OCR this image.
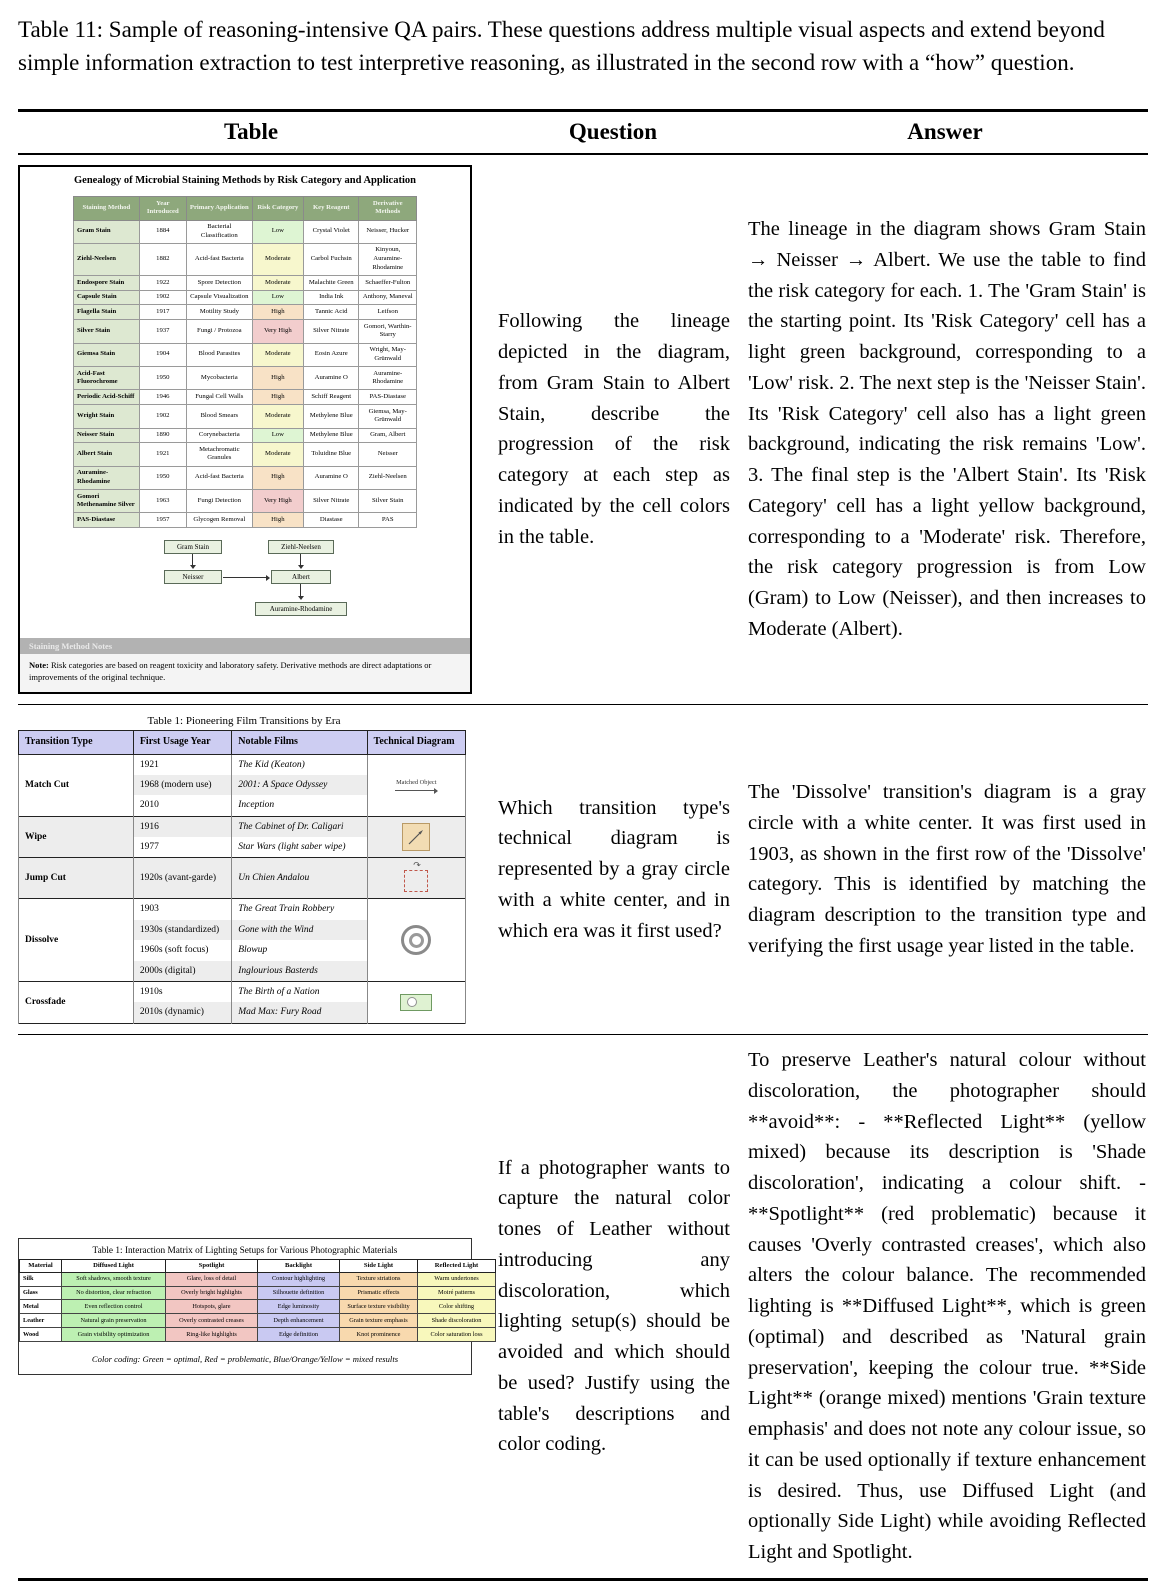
Table 11: Sample of reasoning-intensive QA pairs. These questions address multiple visual aspects and extend beyond simple information extraction to test interpretive reasoning, as illustrated in the second row with a “how” question.

Table	Question	Answer
Genealogy of Microbial Staining Methods by Risk Category and Application
Staining Method	Year Introduced	Primary Application	Risk Category	Key Reagent	Derivative Methods
Gram Stain	1884	Bacterial Classification	Low	Crystal Violet	Neisser, Hucker
Ziehl-Neelsen	1882	Acid-fast Bacteria	Moderate	Carbol Fuchsin	Kinyoun, Auramine-Rhodamine
Endospore Stain	1922	Spore Detection	Moderate	Malachite Green	Schaeffer-Fulton
Capsule Stain	1902	Capsule Visualization	Low	India Ink	Anthony, Maneval
Flagella Stain	1917	Motility Study	High	Tannic Acid	Leifson
Silver Stain	1937	Fungi / Protozoa	Very High	Silver Nitrate	Gomori, Warthin-Starry
Giemsa Stain	1904	Blood Parasites	Moderate	Eosin Azure	Wright, May-Grünwald
Acid-Fast Fluorochrome	1950	Mycobacteria	High	Auramine O	Auramine-Rhodamine
Periodic Acid-Schiff	1946	Fungal Cell Walls	High	Schiff Reagent	PAS-Diastase
Wright Stain	1902	Blood Smears	Moderate	Methylene Blue	Giemsa, May-Grünwald
Neisser Stain	1890	Corynebacteria	Low	Methylene Blue	Gram, Albert
Albert Stain	1921	Metachromatic Granules	Moderate	Toluidine Blue	Neisser
Auramine-Rhodamine	1950	Acid-fast Bacteria	High	Auramine O	Ziehl-Neelsen
Gomori Methenamine Silver	1963	Fungi Detection	Very High	Silver Nitrate	Silver Stain
PAS-Diastase	1957	Glycogen Removal	High	Diastase	PAS
Gram Stain	Ziehl-Neelsen
Neisser	Albert
Auramine-Rhodamine
Staining Method Notes
Note: Risk categories are based on reagent toxicity and laboratory safety. Derivative methods are direct adaptations or improvements of the original technique.
Following the lineage depicted in the diagram, from Gram Stain to Albert Stain, describe the progression of the risk category at each step as indicated by the cell colors in the table.
The lineage in the diagram shows Gram Stain → Neisser → Albert. We use the table to find the risk category for each. 1. The 'Gram Stain' is the starting point. Its 'Risk Category' cell has a light green background, corresponding to a 'Low' risk. 2. The next step is the 'Neisser Stain'. Its 'Risk Category' cell also has a light green background, indicating the risk remains 'Low'. 3. The final step is the 'Albert Stain'. Its 'Risk Category' cell has a light yellow background, corresponding to a 'Moderate' risk. Therefore, the risk category progression is from Low (Gram) to Low (Neisser), and then increases to Moderate (Albert).
Table 1: Pioneering Film Transitions by Era
Transition Type	First Usage Year	Notable Films	Technical Diagram
Match Cut	1921	The Kid (Keaton)	Matched Object

	1968 (modern use)	2001: A Space Odyssey	
	2010	Inception	
Wipe	1916	The Cabinet of Dr. Caligari	

	1977	Star Wars (light saber wipe)	
Jump Cut	1920s (avant-garde)	Un Chien Andalou	↷

Dissolve	1903	The Great Train Robbery	

	1930s (standardized)	Gone with the Wind	
	1960s (soft focus)	Blowup	
	2000s (digital)	Inglourious Basterds	
Crossfade	1910s	The Birth of a Nation	

	2010s (dynamic)	Mad Max: Fury Road	
Which transition type's technical diagram is represented by a gray circle with a white center, and in which era was it first used?
The 'Dissolve' transition's diagram is a gray circle with a white center. It was first used in 1903, as shown in the first row of the 'Dissolve' category. This is identified by matching the diagram description to the transition type and verifying the first usage year listed in the table.
Table 1: Interaction Matrix of Lighting Setups for Various Photographic Materials
Material	Diffused Light	Spotlight	Backlight	Side Light	Reflected Light
Silk	Soft shadows, smooth texture	Glare, loss of detail	Contour highlighting	Texture striations	Warm undertones
Glass	No distortion, clear refraction	Overly bright highlights	Silhouette definition	Prismatic effects	Moiré patterns
Metal	Even reflection control	Hotspots, glare	Edge luminosity	Surface texture visibility	Color shifting
Leather	Natural grain preservation	Overly contrasted creases	Depth enhancement	Grain texture emphasis	Shade discoloration
Wood	Grain visibility optimization	Ring-like highlights	Edge definition	Knot prominence	Color saturation loss
Color coding: Green = optimal, Red = problematic, Blue/Orange/Yellow = mixed results
If a photographer wants to capture the natural color tones of Leather without introducing any discoloration, which lighting setup(s) should be avoided and which should be used? Justify using the table's descriptions and color coding.
To preserve Leather's natural colour without discoloration, the photographer should **avoid**: - **Reflected Light** (yellow mixed) because its description is 'Shade discoloration', indicating a colour shift. - **Spotlight** (red problematic) because it causes 'Overly contrasted creases', which also alters the colour balance. The recommended lighting is **Diffused Light**, which is green (optimal) and described as 'Natural grain preservation', keeping the colour true. **Side Light** (orange mixed) mentions 'Grain texture emphasis' and does not note any colour issue, so it can be used optionally if texture enhancement is desired. Thus, use Diffused Light (and optionally Side Light) while avoiding Reflected Light and Spotlight.
